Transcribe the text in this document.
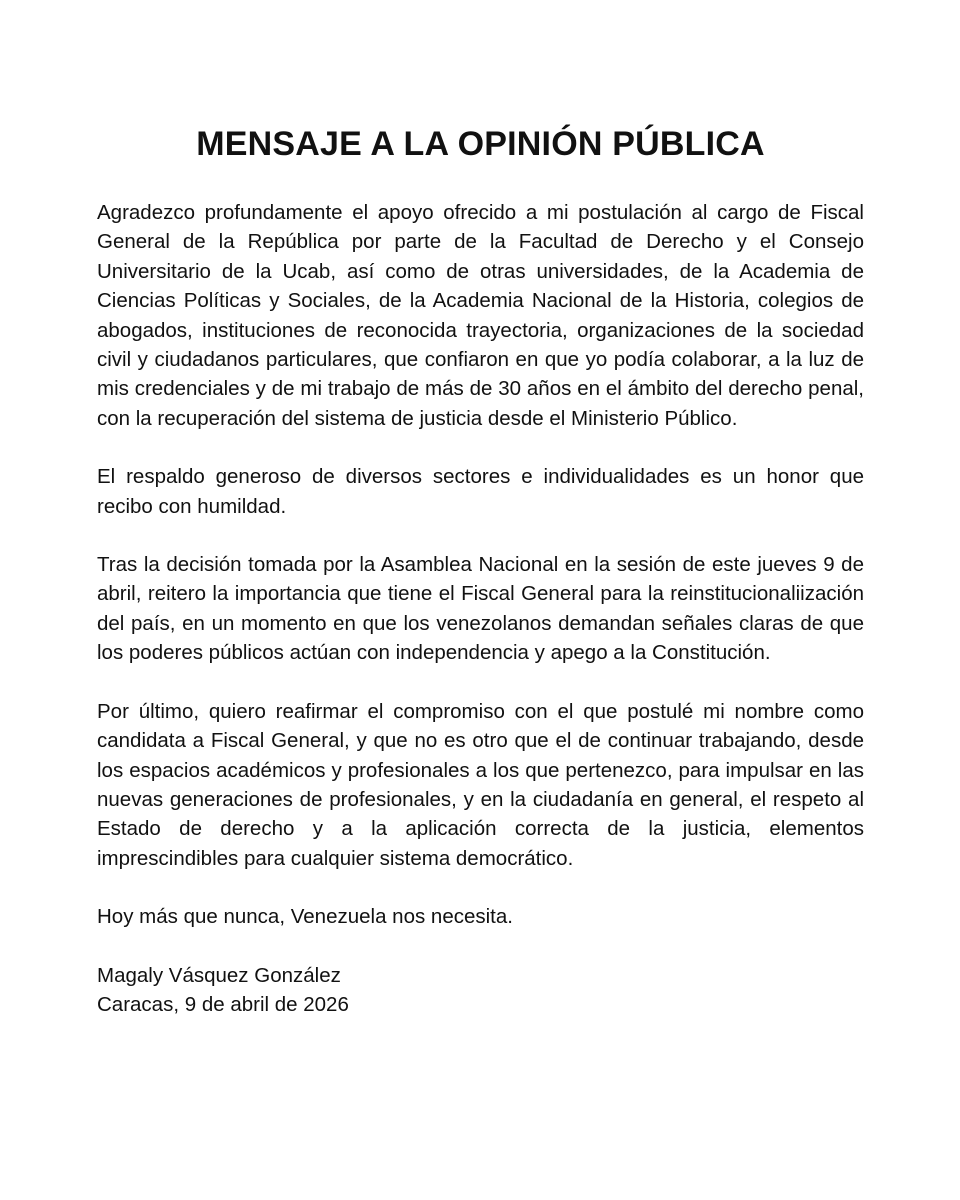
MENSAJE A LA OPINIÓN PÚBLICA

Agradezco profundamente el apoyo ofrecido a mi postulación al cargo de Fiscal General de la República por parte de la Facultad de Derecho y el Consejo Universitario de la Ucab, así como de otras universidades, de la Academia de Ciencias Políticas y Sociales, de la Academia Nacional de la Historia, colegios de abogados, instituciones de reconocida trayectoria, organizaciones de la sociedad civil y ciudadanos particulares, que confiaron en que yo podía colaborar, a la luz de mis credenciales y de mi trabajo de más de 30 años en el ámbito del derecho penal, con la recuperación del sistema de justicia desde el Ministerio Público.

El respaldo generoso de diversos sectores e individualidades es un honor que recibo con humildad.

Tras la decisión tomada por la Asamblea Nacional en la sesión de este jueves 9 de abril, reitero la importancia que tiene el Fiscal General para la reinstitucionaliización del país, en un momento en que los venezolanos demandan señales claras de que los poderes públicos actúan con independencia y apego a la Constitución.

Por último, quiero reafirmar el compromiso con el que postulé mi nombre como candidata a Fiscal General, y que no es otro que el de continuar trabajando, desde los espacios académicos y profesionales a los que pertenezco, para impulsar en las nuevas generaciones de profesionales, y en la ciudadanía en general, el respeto al Estado de derecho y a la aplicación correcta de la justicia, elementos imprescindibles para cualquier sistema democrático.

Hoy más que nunca, Venezuela nos necesita.

Magaly Vásquez González
Caracas, 9 de abril de 2026
